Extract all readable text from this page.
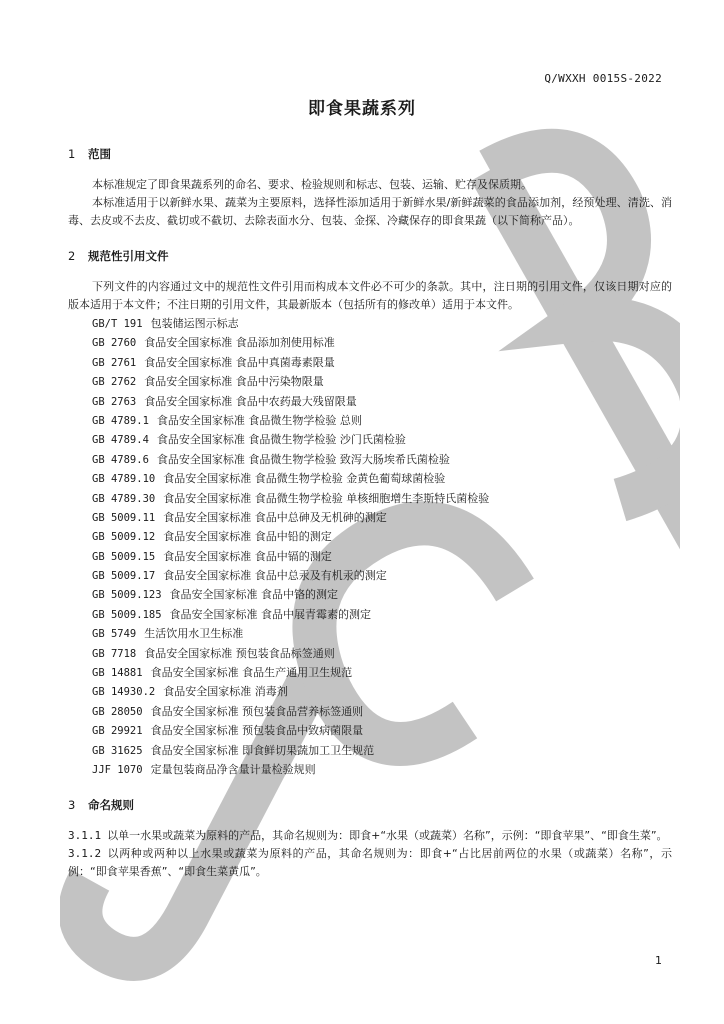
Q/WXXH 0015S-2022
即食果蔬系列
1 范围

本标准规定了即食果蔬系列的命名、要求、检验规则和标志、包装、运输、贮存及保质期。

本标准适用于以新鲜水果、蔬菜为主要原料，选择性添加适用于新鲜水果/新鲜蔬菜的食品添加剂，经预处理、清洗、消毒、去皮或不去皮、截切或不截切、去除表面水分、包装、金探、冷藏保存的即食果蔬（以下简称产品）。

2 规范性引用文件

下列文件的内容通过文中的规范性文件引用而构成本文件必不可少的条款。其中，注日期的引用文件，仅该日期对应的版本适用于本文件；不注日期的引用文件，其最新版本（包括所有的修改单）适用于本文件。

GB/T 191 包装储运图示标志
GB 2760 食品安全国家标准 食品添加剂使用标准
GB 2761 食品安全国家标准 食品中真菌毒素限量
GB 2762 食品安全国家标准 食品中污染物限量
GB 2763 食品安全国家标准 食品中农药最大残留限量
GB 4789.1 食品安全国家标准 食品微生物学检验 总则
GB 4789.4 食品安全国家标准 食品微生物学检验 沙门氏菌检验
GB 4789.6 食品安全国家标准 食品微生物学检验 致泻大肠埃希氏菌检验
GB 4789.10 食品安全国家标准 食品微生物学检验 金黄色葡萄球菌检验
GB 4789.30 食品安全国家标准 食品微生物学检验 单核细胞增生李斯特氏菌检验
GB 5009.11 食品安全国家标准 食品中总砷及无机砷的测定
GB 5009.12 食品安全国家标准 食品中铅的测定
GB 5009.15 食品安全国家标准 食品中镉的测定
GB 5009.17 食品安全国家标准 食品中总汞及有机汞的测定
GB 5009.123 食品安全国家标准 食品中铬的测定
GB 5009.185 食品安全国家标准 食品中展青霉素的测定
GB 5749 生活饮用水卫生标准
GB 7718 食品安全国家标准 预包装食品标签通则
GB 14881 食品安全国家标准 食品生产通用卫生规范
GB 14930.2 食品安全国家标准 消毒剂
GB 28050 食品安全国家标准 预包装食品营养标签通则
GB 29921 食品安全国家标准 预包装食品中致病菌限量
GB 31625 食品安全国家标准 即食鲜切果蔬加工卫生规范
JJF 1070 定量包装商品净含量计量检验规则
3 命名规则
3.1.1 以单一水果或蔬菜为原料的产品，其命名规则为：即食+“水果（或蔬菜）名称”，示例：“即食苹果”、“即食生菜”。
3.1.2 以两种或两种以上水果或蔬菜为原料的产品，其命名规则为：即食+“占比居前两位的水果（或蔬菜）名称”，示例：“即食苹果香蕉”、“即食生菜黄瓜”。
1
